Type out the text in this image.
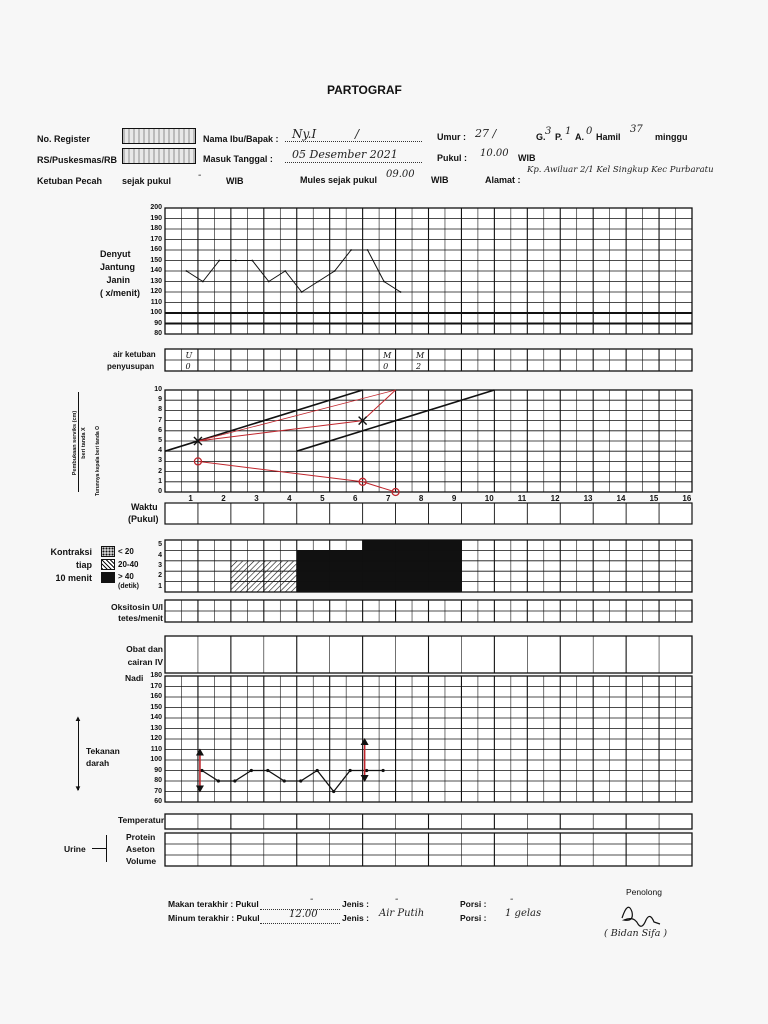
PARTOGRAF
No. Register	Nama Ibu/Bapak : Ny.I	/	Umur : 27 /	G. 3 P. 1 A. 0 Hamil
37
minggu
RS/Puskesmas/RB	Masuk Tanggal : 05 Desember 2021	Pukul : 10.00 WIB
Ketuban Pecah sejak pukul	-	WIB	Mules sejak pukul 09.00 WIB	Alamat :
Kp. Awiluar 2/1 Kel Singkup Kec Purbaratu
Denyut
Jantung
Janin
( x/menit)
200
190
180
170
160
150
140
130
120
110
100
90
80
air ketuban
penyusupan
Pembukaan serviks (cm) beri tanda X Turunnya kepala beri tanda O
10
9
8
7
6
5
4
3
2
1
0
1	2	3	4	5	6	7	8	9	10	11	12	13	14	15	16
Waktu
(Pukul)
Kontraksi
tiap
10 menit
< 20
20-40
> 40
(detik)
5
4
3
2
1
Oksitosin U/l
tetes/menit
Obat dan
cairan IV
Nadi 180
170
160
150
140
130
120
110
100
90
80
70
60
Tekanan
darah
▲
▼
Temperatur
Urine
Protein
Aseton
Volume
Makan terakhir : Pukul	-	Jenis :	-	Porsi : -
Minum terakhir : Pukul	12.00	Jenis : Air Putih	Porsi : 1 gelas
Penolong
( Bidan Sifa )
U	M	M
0	0	2
